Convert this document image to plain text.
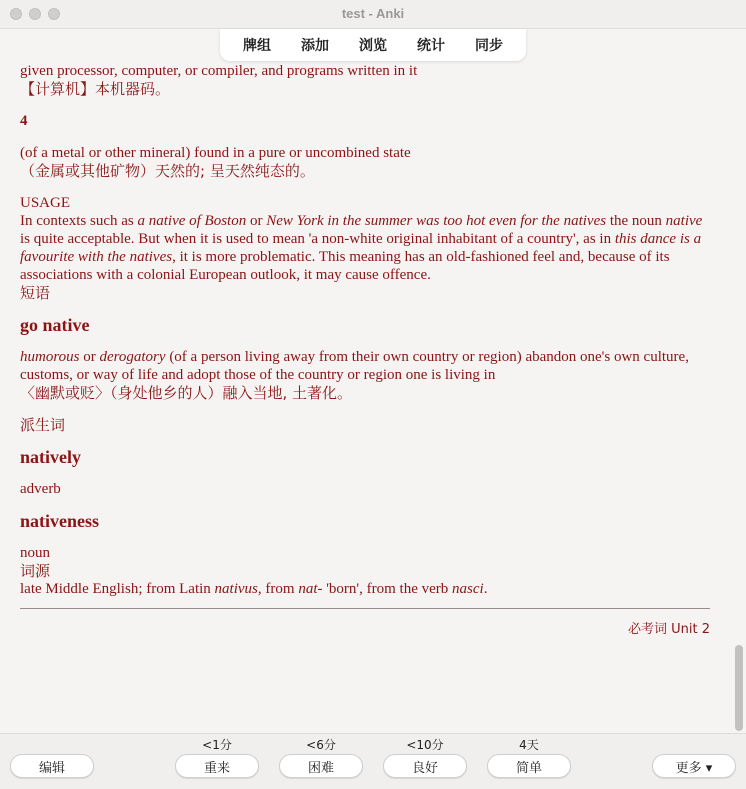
test - Anki
牌组 添加 浏览 统计 同步
given processor, computer, or compiler, and programs written in it
【计算机】本机器码。
4
(of a metal or other mineral) found in a pure or uncombined state
（金属或其他矿物）天然的; 呈天然纯态的。
USAGE
In contexts such as a native of Boston or New York in the summer was too hot even for the natives the noun native is quite acceptable. But when it is used to mean 'a non-white original inhabitant of a country', as in this dance is a favourite with the natives, it is more problematic. This meaning has an old-fashioned feel and, because of its associations with a colonial European outlook, it may cause offence.
短语
go native
humorous or derogatory (of a person living away from their own country or region) abandon one's own culture, customs, or way of life and adopt those of the country or region one is living in
〈幽默或贬〉（身处他乡的人）融入当地, 土著化。
派生词
natively
adverb
nativeness
noun
词源
late Middle English; from Latin nativus, from nat- 'born', from the verb nasci.
必考词 Unit 2
编辑
<1分
重来
<6分
困难
<10分
良好
4天
简单	更多 ▾
